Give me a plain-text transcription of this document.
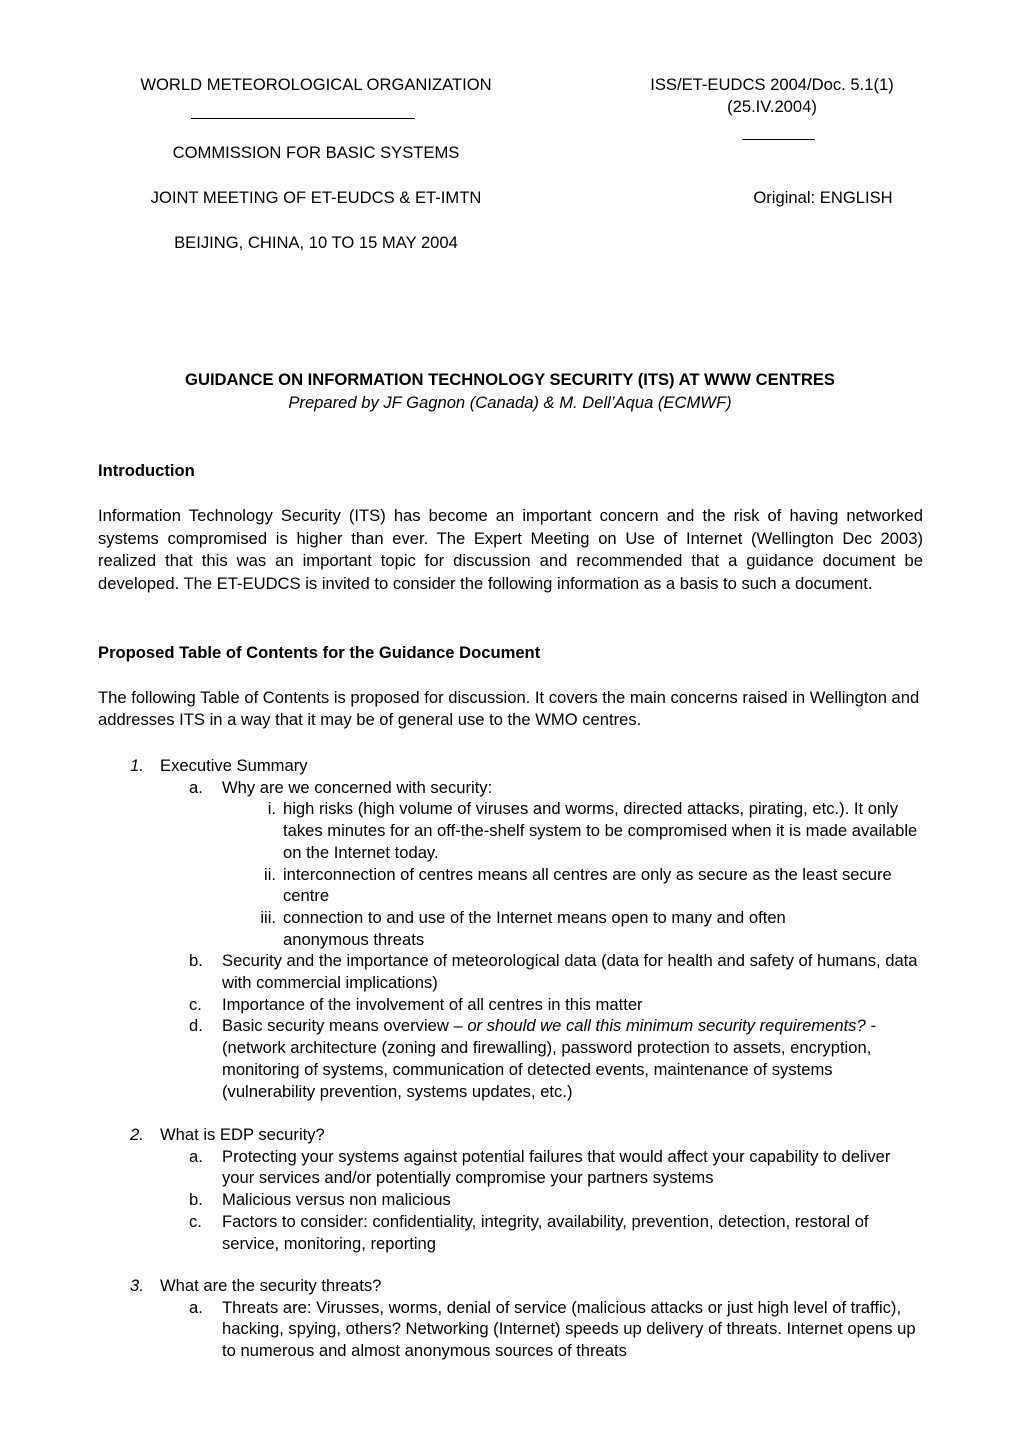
WORLD METEOROLOGICAL ORGANIZATION	ISS/ET-EUDCS 2004/Doc. 5.1(1)
(25.IV.2004)
COMMISSION FOR BASIC SYSTEMS
JOINT MEETING OF ET-EUDCS & ET-IMTN	Original: ENGLISH
BEIJING, CHINA, 10 TO 15 MAY 2004
GUIDANCE ON INFORMATION TECHNOLOGY SECURITY (ITS) AT WWW CENTRES
Prepared by JF Gagnon (Canada) & M. Dell’Aqua (ECMWF)
Introduction
Information Technology Security (ITS) has become an important concern and the risk of having networked systems compromised is higher than ever. The Expert Meeting on Use of Internet (Wellington Dec 2003) realized that this was an important topic for discussion and recommended that a guidance document be developed. The ET-EUDCS is invited to consider the following information as a basis to such a document.
Proposed Table of Contents for the Guidance Document
The following Table of Contents is proposed for discussion. It covers the main concerns raised in Wellington and addresses ITS in a way that it may be of general use to the WMO centres.
1. Executive Summary
a. Why are we concerned with security:
i. high risks (high volume of viruses and worms, directed attacks, pirating, etc.). It only takes minutes for an off-the-shelf system to be compromised when it is made available on the Internet today.
ii. interconnection of centres means all centres are only as secure as the least secure centre
iii. connection to and use of the Internet means open to many and often anonymous threats
b. Security and the importance of meteorological data (data for health and safety of humans, data with commercial implications)
c. Importance of the involvement of all centres in this matter
d. Basic security means overview – or should we call this minimum security requirements? - (network architecture (zoning and firewalling), password protection to assets, encryption, monitoring of systems, communication of detected events, maintenance of systems (vulnerability prevention, systems updates, etc.)
2. What is EDP security?
a. Protecting your systems against potential failures that would affect your capability to deliver your services and/or potentially compromise your partners systems
b. Malicious versus non malicious
c. Factors to consider: confidentiality, integrity, availability, prevention, detection, restoral of service, monitoring, reporting
3. What are the security threats?
a. Threats are: Virusses, worms, denial of service (malicious attacks or just high level of traffic), hacking, spying, others? Networking (Internet) speeds up delivery of threats. Internet opens up to numerous and almost anonymous sources of threats
